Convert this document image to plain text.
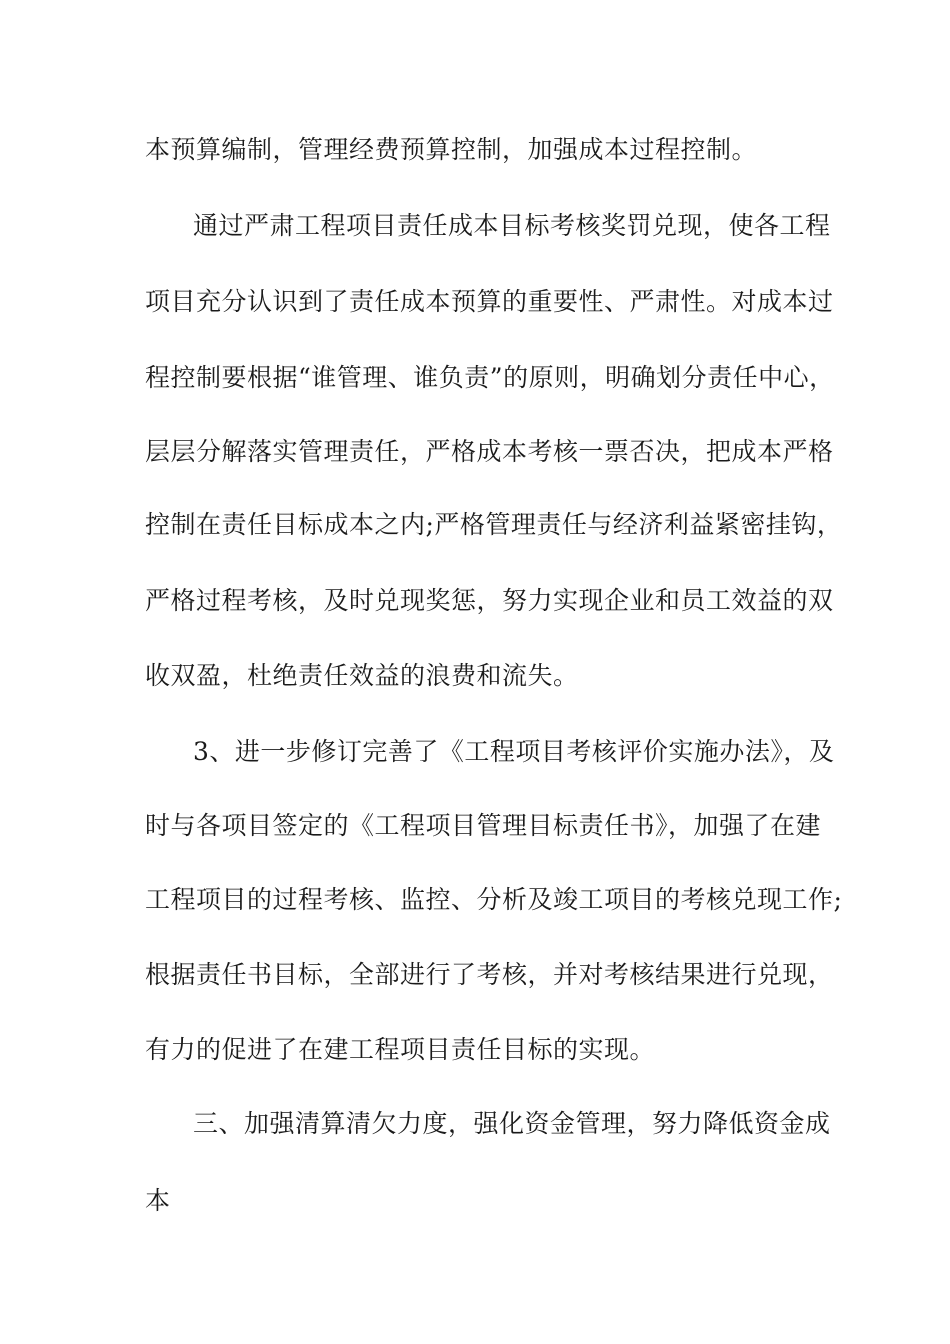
本预算编制，管理经费预算控制，加强成本过程控制。
通过严肃工程项目责任成本目标考核奖罚兑现，使各工程
项目充分认识到了责任成本预算的重要性、严肃性。对成本过
程控制要根据“谁管理、谁负责”的原则，明确划分责任中心，
层层分解落实管理责任，严格成本考核一票否决，把成本严格
控制在责任目标成本之内;严格管理责任与经济利益紧密挂钩，
严格过程考核，及时兑现奖惩，努力实现企业和员工效益的双
收双盈，杜绝责任效益的浪费和流失。
3、进一步修订完善了《工程项目考核评价实施办法》，及
时与各项目签定的《工程项目管理目标责任书》，加强了在建
工程项目的过程考核、监控、分析及竣工项目的考核兑现工作;
根据责任书目标，全部进行了考核，并对考核结果进行兑现，
有力的促进了在建工程项目责任目标的实现。
三、加强清算清欠力度，强化资金管理，努力降低资金成
本
